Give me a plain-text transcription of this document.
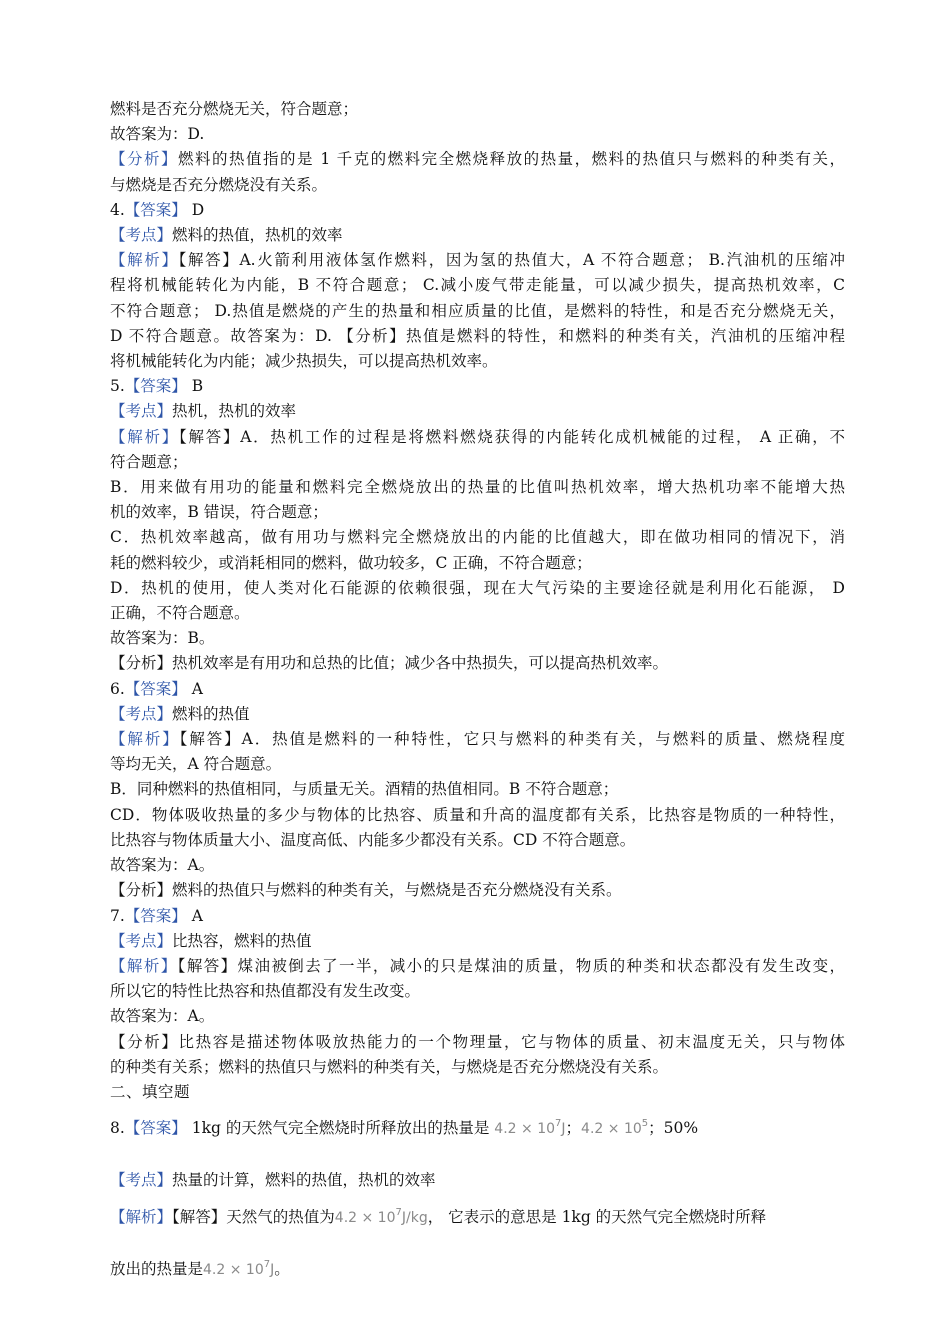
燃料是否充分燃烧无关，符合题意；
故答案为：D.
【分析】燃料的热值指的是 1 千克的燃料完全燃烧释放的热量，燃料的热值只与燃料的种类有关，
与燃烧是否充分燃烧没有关系。
4.【答案】 D
【考点】燃料的热值，热机的效率
【解析】【解答】A.火箭利用液体氢作燃料，因为氢的热值大，A 不符合题意； B.汽油机的压缩冲
程将机械能转化为内能，B 不符合题意； C.减小废气带走能量，可以减少损失，提高热机效率，C
不符合题意； D.热值是燃烧的产生的热量和相应质量的比值，是燃料的特性，和是否充分燃烧无关，
D 不符合题意。故答案为：D. 【分析】热值是燃料的特性，和燃料的种类有关，汽油机的压缩冲程
将机械能转化为内能；减少热损失，可以提高热机效率。
5.【答案】 B
【考点】热机，热机的效率
【解析】【解答】A．热机工作的过程是将燃料燃烧获得的内能转化成机械能的过程， A 正确，不
符合题意；
B．用来做有用功的能量和燃料完全燃烧放出的热量的比值叫热机效率，增大热机功率不能增大热
机的效率，B 错误，符合题意；
C．热机效率越高，做有用功与燃料完全燃烧放出的内能的比值越大，即在做功相同的情况下，消
耗的燃料较少，或消耗相同的燃料，做功较多，C 正确，不符合题意；
D．热机的使用，使人类对化石能源的依赖很强，现在大气污染的主要途径就是利用化石能源， D
正确，不符合题意。
故答案为：B。
【分析】热机效率是有用功和总热的比值；减少各中热损失，可以提高热机效率。
6.【答案】 A
【考点】燃料的热值
【解析】【解答】A．热值是燃料的一种特性，它只与燃料的种类有关，与燃料的质量、燃烧程度
等均无关，A 符合题意。
B．同种燃料的热值相同，与质量无关。酒精的热值相同。B 不符合题意；
CD．物体吸收热量的多少与物体的比热容、质量和升高的温度都有关系，比热容是物质的一种特性，
比热容与物体质量大小、温度高低、内能多少都没有关系。CD 不符合题意。
故答案为：A。
【分析】燃料的热值只与燃料的种类有关，与燃烧是否充分燃烧没有关系。
7.【答案】 A
【考点】比热容，燃料的热值
【解析】【解答】煤油被倒去了一半，减小的只是煤油的质量，物质的种类和状态都没有发生改变，
所以它的特性比热容和热值都没有发生改变。
故答案为：A。
【分析】比热容是描述物体吸放热能力的一个物理量，它与物体的质量、初末温度无关，只与物体
的种类有关系；燃料的热值只与燃料的种类有关，与燃烧是否充分燃烧没有关系。
二、填空题
8.【答案】 1kg 的天然气完全燃烧时所释放出的热量是 $4.2 \times 10^7J$；$4.2 \times 10^5$；50%
【考点】热量的计算，燃料的热值，热机的效率
【解析】【解答】天然气的热值为$4.2 \times 10^7J/kg$， 它表示的意思是 1kg 的天然气完全燃烧时所释
放出的热量是$4.2 \times 10^7J$。
